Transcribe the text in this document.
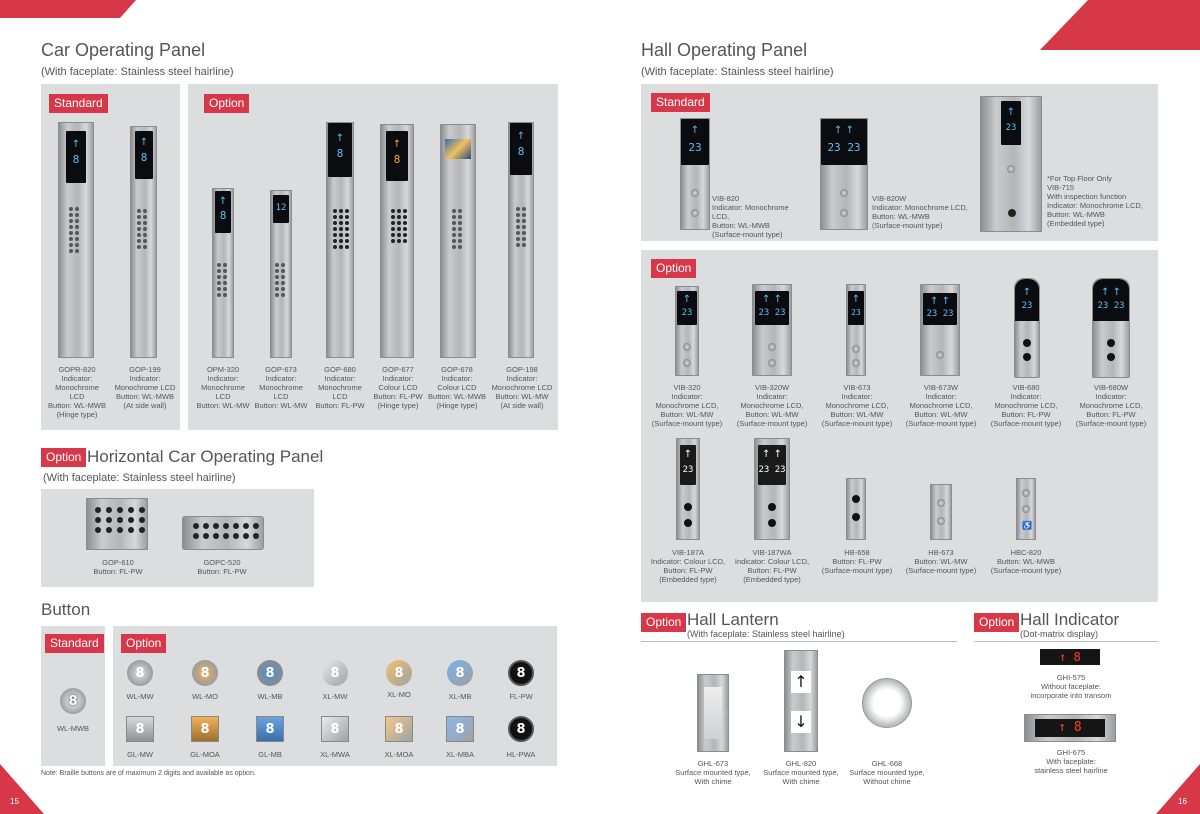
15	16
Car Operating Panel
(With faceplate: Stainless steel hairline)
Standard	Option
↑
8
↑
8
GOPR-820
Indicator:
Monochrome LCD
Button: WL-MWB
(Hinge type)
GOP-199
Indicator:
Monochrome LCD
Button: WL-MWB
(At side wall)
↑
8
12
↑
8
↑
8
↑
8
OPM-320
Indicator:
Monochrome
LCD
Button: WL-MW
GOP-673
Indicator:
Monochrome
LCD
Button: WL-MW
GOP-680
Indicator:
Monochrome
LCD
Button: FL-PW
GOP-677
Indicator:
Colour LCD
Button: FL-PW
(Hinge type)
GOP-678
Indicator:
Colour LCD
Button: WL-MWB
(Hinge type)
GOP-198
Indicator:
Monochrome LCD
Button: WL-MW
(At side wall)
Option Horizontal Car Operating Panel
(With faceplate: Stainless steel hairline)
GOP-610
Button: FL-PW
GOPC-520
Button: FL-PW
Button
Standard
8
WL-MWB
Option
8	8	8	8	8	8	8
WL-MW	WL-MO	WL-MB	XL-MW	XL-MO	XL-MB	FL-PW
8	8	8	8	8	8	8
GL-MW	GL-MOA	GL-MB	XL-MWA	XL-MOA	XL-MBA	HL-PWA
Note: Braille buttons are of maximum 2 digits and available as option.
Hall Operating Panel
(With faceplate: Stainless steel hairline)
Standard
↑
23
VIB-820
Indicator: Monochrome LCD,
Button: WL-MWB
(Surface-mount type)
↑ ↑
23 23
VIB-820W
Indicator: Monochrome LCD,
Button: WL-MWB
(Surface-mount type)
↑
23
*For Top Floor Only
VIB-715
With inspection function
Indicator: Monochrome LCD,
Button: WL-MWB
(Embedded type)
Option
↑
23
↑ ↑
23 23
↑
23
↑ ↑
23 23
↑
23
↑ ↑
23 23
VIB-320
Indicator:
Monochrome LCD,
Button: WL-MW
(Surface-mount type)
VIB-320W
Indicator:
Monochrome LCD,
Button: WL-MW
(Surface-mount type)
VIB-673
Indicator:
Monochrome LCD,
Button: WL-MW
(Surface-mount type)
VIB-673W
Indicator:
Monochrome LCD,
Button: WL-MW
(Surface-mount type)
VIB-680
Indicator:
Monochrome LCD,
Button: FL-PW
(Surface-mount type)
VIB-680W
Indicator:
Monochrome LCD,
Button: FL-PW
(Surface-mount type)
↑
23
↑ ↑
23 23
♿
VIB-187A
Indicator: Colour LCD,
Button: FL-PW
(Embedded type)
VIB-187WA
Indicator: Colour LCD,
Button: FL-PW
(Embedded type)
HB-658
Button: FL-PW
(Surface-mount type)
HB-673
Button: WL-MW
(Surface-mount type)
HBC-820
Button: WL-MWB
(Surface-mount type)
Option Hall Lantern
(With faceplate: Stainless steel hairline)
↑
↓
GHL-673
Surface mounted type,
With chime
GHL-820
Surface mounted type,
With chime
GHL-668
Surface mounted type,
Without chime
Option Hall Indicator
(Dot-matrix display)
↑ 8
GHI-575
Without faceplate:
incorporate into transom
↑ 8
GHI-675
With faceplate:
stainless steel hairline
